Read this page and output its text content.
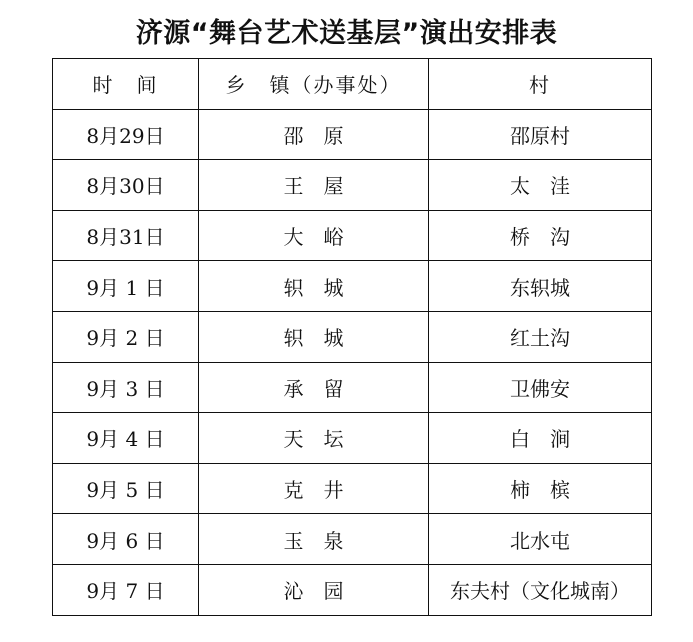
济源“舞台艺术送基层”演出安排表
时　间	乡　镇（办事处）	村
8月29日	邵　原	邵原村
8月30日	王　屋	太　洼
8月31日	大　峪	桥　沟
9月 1 日	轵　城	东轵城
9月 2 日	轵　城	红土沟
9月 3 日	承　留	卫佛安
9月 4 日	天　坛	白　涧
9月 5 日	克　井	柿　槟
9月 6 日	玉　泉	北水屯
9月 7 日	沁　园	东夫村（文化城南）
